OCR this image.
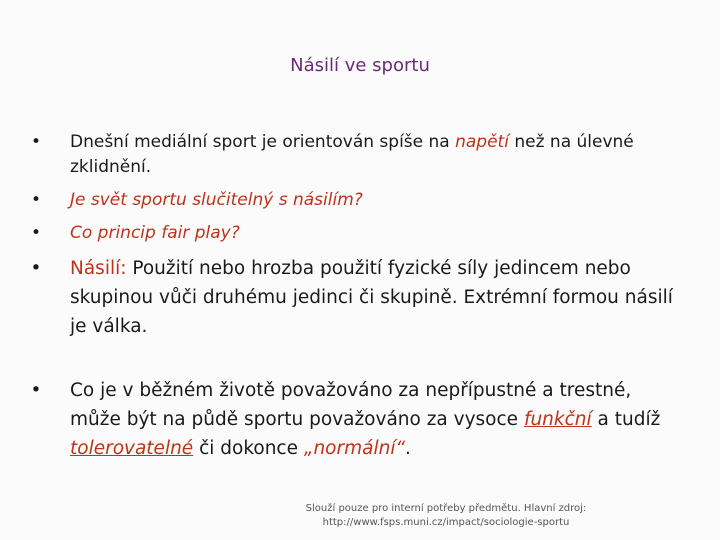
Násilí ve sportu
• Dnešní mediální sport je orientován spíše na napětí než na úlevné zklidnění.
• Je svět sportu slučitelný s násilím?
• Co princip fair play?
• Násilí: Použití nebo hrozba použití fyzické síly jedincem nebo skupinou vůči druhému jedinci či skupině. Extrémní formou násilí je válka.
• Co je v běžném životě považováno za nepřípustné a trestné, může být na půdě sportu považováno za vysoce funkční a tudíž tolerovatelné či dokonce „normální“.
Slouží pouze pro interní potřeby předmětu. Hlavní zdroj:
http://www.fsps.muni.cz/impact/sociologie-sportu
